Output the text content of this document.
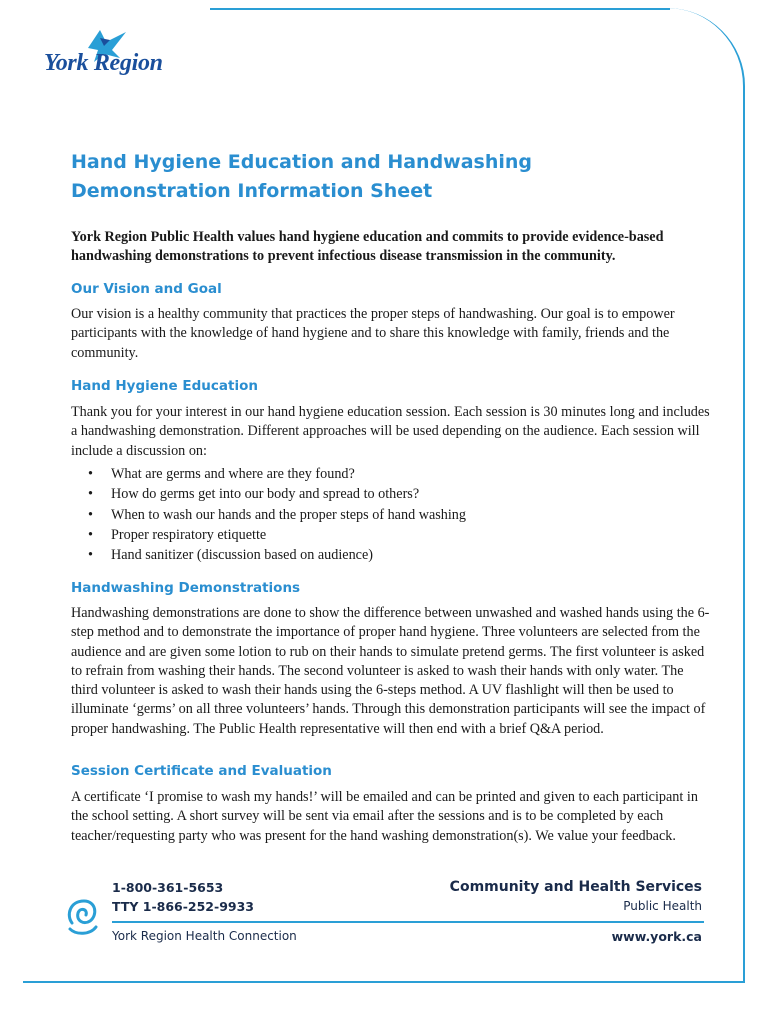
York Region
Hand Hygiene Education and Handwashing Demonstration Information Sheet
York Region Public Health values hand hygiene education and commits to provide evidence-based handwashing demonstrations to prevent infectious disease transmission in the community.
Our Vision and Goal
Our vision is a healthy community that practices the proper steps of handwashing. Our goal is to empower participants with the knowledge of hand hygiene and to share this knowledge with family, friends and the community.
Hand Hygiene Education
Thank you for your interest in our hand hygiene education session. Each session is 30 minutes long and includes a handwashing demonstration. Different approaches will be used depending on the audience. Each session will include a discussion on:
• What are germs and where are they found?
• How do germs get into our body and spread to others?
• When to wash our hands and the proper steps of hand washing
• Proper respiratory etiquette
• Hand sanitizer (discussion based on audience)
Handwashing Demonstrations
Handwashing demonstrations are done to show the difference between unwashed and washed hands using the 6-step method and to demonstrate the importance of proper hand hygiene. Three volunteers are selected from the audience and are given some lotion to rub on their hands to simulate pretend germs. The first volunteer is asked to refrain from washing their hands. The second volunteer is asked to wash their hands with only water. The third volunteer is asked to wash their hands using the 6-steps method. A UV flashlight will then be used to illuminate ‘germs’ on all three volunteers’ hands. Through this demonstration participants will see the impact of proper handwashing. The Public Health representative will then end with a brief Q&A period.
Session Certificate and Evaluation
A certificate ‘I promise to wash my hands!’ will be emailed and can be printed and given to each participant in the school setting. A short survey will be sent via email after the sessions and is to be completed by each teacher/requesting party who was present for the hand washing demonstration(s). We value your feedback.
1-800-361-5653
TTY 1-866-252-9933
York Region Health Connection
Community and Health Services
Public Health
www.york.ca
